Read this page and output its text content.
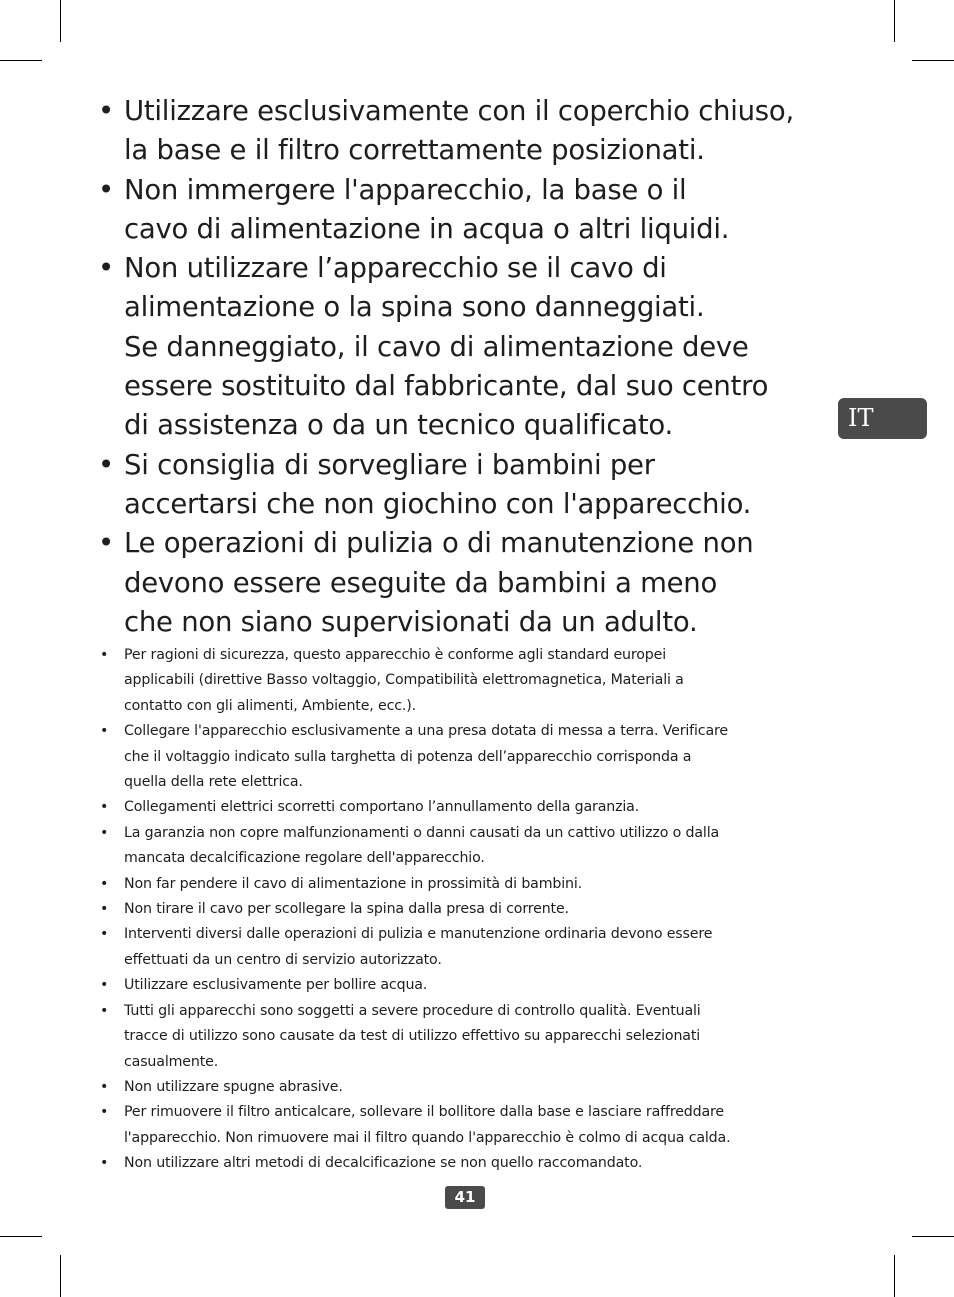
• Utilizzare esclusivamente con il coperchio chiuso,
la base e il filtro correttamente posizionati.
• Non immergere l'apparecchio, la base o il
cavo di alimentazione in acqua o altri liquidi.
• Non utilizzare l’apparecchio se il cavo di
alimentazione o la spina sono danneggiati.
Se danneggiato, il cavo di alimentazione deve
essere sostituito dal fabbricante, dal suo centro
di assistenza o da un tecnico qualificato.
• Si consiglia di sorvegliare i bambini per
accertarsi che non giochino con l'apparecchio.
• Le operazioni di pulizia o di manutenzione non
devono essere eseguite da bambini a meno
che non siano supervisionati da un adulto.
• Per ragioni di sicurezza, questo apparecchio è conforme agli standard europei
applicabili (direttive Basso voltaggio, Compatibilità elettromagnetica, Materiali a
contatto con gli alimenti, Ambiente, ecc.).
• Collegare l'apparecchio esclusivamente a una presa dotata di messa a terra. Verificare
che il voltaggio indicato sulla targhetta di potenza dell’apparecchio corrisponda a
quella della rete elettrica.
• Collegamenti elettrici scorretti comportano l’annullamento della garanzia.
• La garanzia non copre malfunzionamenti o danni causati da un cattivo utilizzo o dalla
mancata decalcificazione regolare dell'apparecchio.
• Non far pendere il cavo di alimentazione in prossimità di bambini.
• Non tirare il cavo per scollegare la spina dalla presa di corrente.
• Interventi diversi dalle operazioni di pulizia e manutenzione ordinaria devono essere
effettuati da un centro di servizio autorizzato.
• Utilizzare esclusivamente per bollire acqua.
• Tutti gli apparecchi sono soggetti a severe procedure di controllo qualità. Eventuali
tracce di utilizzo sono causate da test di utilizzo effettivo su apparecchi selezionati
casualmente.
• Non utilizzare spugne abrasive.
• Per rimuovere il filtro anticalcare, sollevare il bollitore dalla base e lasciare raffreddare
l'apparecchio. Non rimuovere mai il filtro quando l'apparecchio è colmo di acqua calda.
• Non utilizzare altri metodi di decalcificazione se non quello raccomandato.
IT
41
